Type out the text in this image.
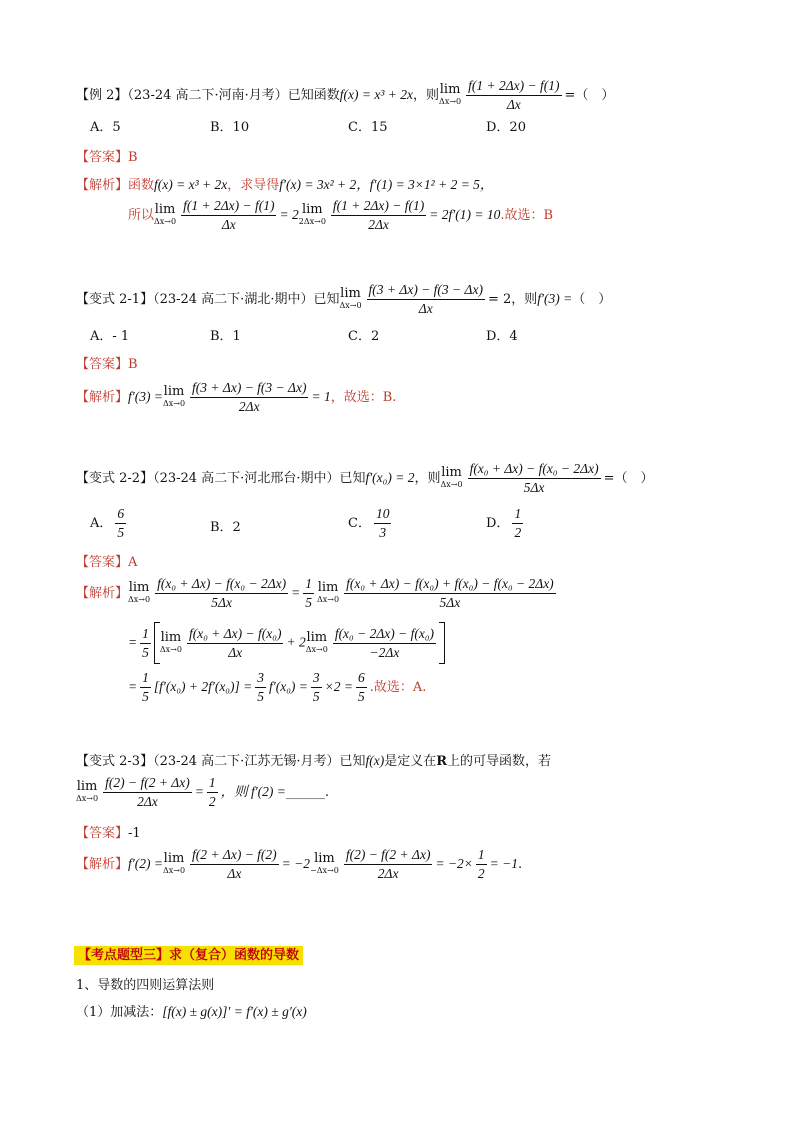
【例 2】（23-24 高二下·河南·月考）已知函数f(x) = x³ + 2x，则 lim
$\Delta x\to 0 \frac{f(1 + 2\Delta x) - f(1)}{\Delta x}$ =（　）
A．5	B．10	C．15	D．20
【答案】B
【解析】函数f(x) = x³ + 2x，求导得f′(x) = 3x² + 2，f′(1) = 3×1² + 2 = 5，
所以 lim
$\Delta x\to 0 \frac{f(1 + 2\Delta x) - f(1)}{\Delta x} = 2$ lim
$2\Delta x\to 0 \frac{f(1 + 2\Delta x) - f(1)}{2\Delta x} = 2f'(1) = 10$.故选：B
【变式 2-1】（23-24 高二下·湖北·期中）已知 lim
$\Delta x\to 0 \frac{f(3 + \Delta x) - f(3 - \Delta x)}{\Delta x} = 2$，则f′(3) =（　）
A．- 1	B．1	C．2	D．4
【答案】B
【解析】f′(3) = lim
$\Delta x\to 0 \frac{f(3 + \Delta x) - f(3 - \Delta x)}{2\Delta x} = 1$，故选：B.
【变式 2-2】（23-24 高二下·河北邢台·期中）已知f′(x₀) = 2，则 lim
$\Delta x\to 0 \frac{\text{f(x₀ + Δx) − f(x₀ − 2Δx)}}{5\Delta x}$ =（　）
A． $\frac{6}{5}$	B．2	C． $\frac{10}{3}$	D． $\frac{1}{2}$
【答案】A
【解析】 lim
$\Delta x\to 0 \frac{\text{f(x₀ + Δx) − f(x₀ − 2Δx)}}{5\Delta x} = \frac{1}{5}$ lim
$\Delta x\to 0 \frac{\text{f(x₀ + Δx) − f(x₀) + f(x₀) − f(x₀ − 2Δx)}}{5\Delta x}$
= $\frac{1}{5}$ lim
$\Delta x\to 0 \frac{\text{f(x₀ + Δx) − f(x₀)}}{\Delta x} + 2$ lim
$\Delta x\to 0 \frac{\text{f(x₀ − 2Δx) − f(x₀)}}{-2\Delta x}$
= $\frac{1}{5} [f'(x_0) + 2f'(x_0)] = \frac{3}{5} f'(x_0) = \frac{3}{5} \times 2 = \frac{6}{5}$ .故选：A.
【变式 2-3】（23-24 高二下·江苏无锡·月考）已知f(x)是定义在R上的可导函数，若
lim
$\Delta x\to 0 \frac{f(2) - f(2 + \Delta x)}{2\Delta x} = \frac{1}{2}$ ，则 f′(2) =______.
【答案】-1
【解析】f′(2) = lim
$\Delta x\to 0 \frac{f(2 + \Delta x) - f(2)}{\Delta x} = -2$ lim
$-\Delta x\to 0 \frac{f(2) - f(2 + \Delta x)}{2\Delta x} = -2\times \frac{1}{2} = -1$.
【考点题型三】求（复合）函数的导数
1、导数的四则运算法则
（1）加减法：[f(x) ± g(x)]′ = f′(x) ± g′(x)
